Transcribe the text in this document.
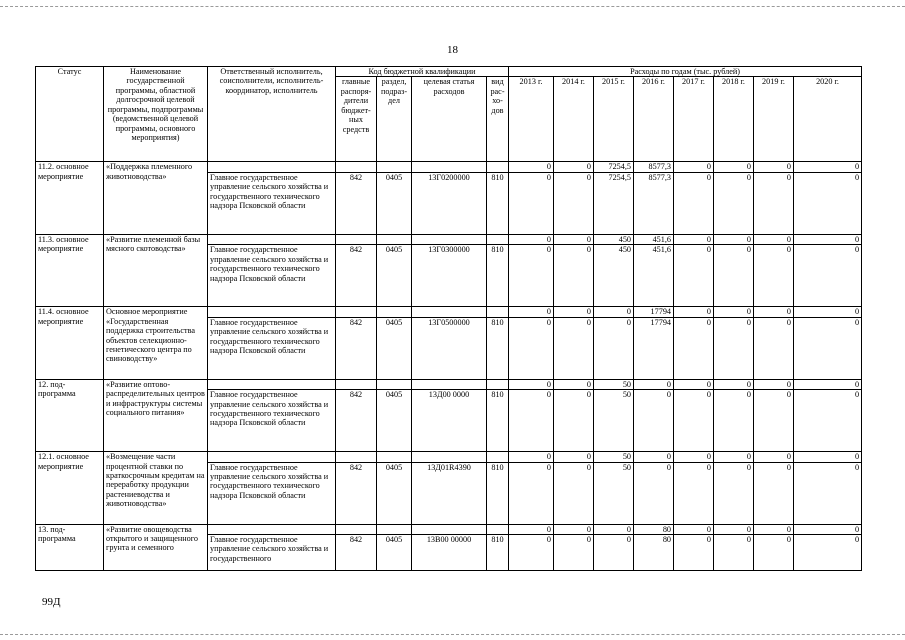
18
Статус	Наименование государственной программы, областной долгосрочной целевой программы, подпрограммы (ведомственной целевой программы, основного мероприятия)	Ответственный исполнитель, соисполнители, исполнитель-координатор, исполнитель	Код бюджетной квалификации				Расходы по годам (тыс. рублей)							
			главные распоря-дители бюджет-ных средств	раздел, подраз-дел	целевая статья расходов	вид рас-хо-дов	2013 г.	2014 г.	2015 г.	2016 г.	2017 г.	2018 г.	2019 г.	2020 г.
11.2. основное мероприятие	«Поддержка племенного животноводства»						0	0	7254,5	8577,3	0	0	0	0
		Главное государственное управление сельского хозяйства и государственного технического надзора Псковской области	842	0405	13Г0200000	810	0	0	7254,5	8577,3	0	0	0	0
11.3. основное мероприятие	«Развитие племенной базы мясного скотоводства»						0	0	450	451,6	0	0	0	0
		Главное государственное управление сельского хозяйства и государственного технического надзора Псковской области	842	0405	13Г0300000	810	0	0	450	451,6	0	0	0	0
11.4. основное мероприятие	Основное мероприятие «Государственная поддержка строительства объектов селекционно-генетического центра по свиноводству»						0	0	0	17794	0	0	0	0
		Главное государственное управление сельского хозяйства и государственного технического надзора Псковской области	842	0405	13Г0500000	810	0	0	0	17794	0	0	0	0
12. под-программа	«Развитие оптово-распределительных центров и инфраструктуры системы социального питания»						0	0	50	0	0	0	0	0
		Главное государственное управление сельского хозяйства и государственного технического надзора Псковской области	842	0405	13Д00 0000	810	0	0	50	0	0	0	0	0
12.1. основное мероприятие	«Возмещение части процентной ставки по краткосрочным кредитам на переработку продукции растениеводства и животноводства»						0	0	50	0	0	0	0	0
		Главное государственное управление сельского хозяйства и государственного технического надзора Псковской области	842	0405	13Д01R4390	810	0	0	50	0	0	0	0	0
13. под-программа	«Развитие овощеводства открытого и защищенного грунта и семенного						0	0	0	80	0	0	0	0
		Главное государственное управление сельского хозяйства и государственного	842	0405	13В00 00000	810	0	0	0	80	0	0	0	0
99Д
